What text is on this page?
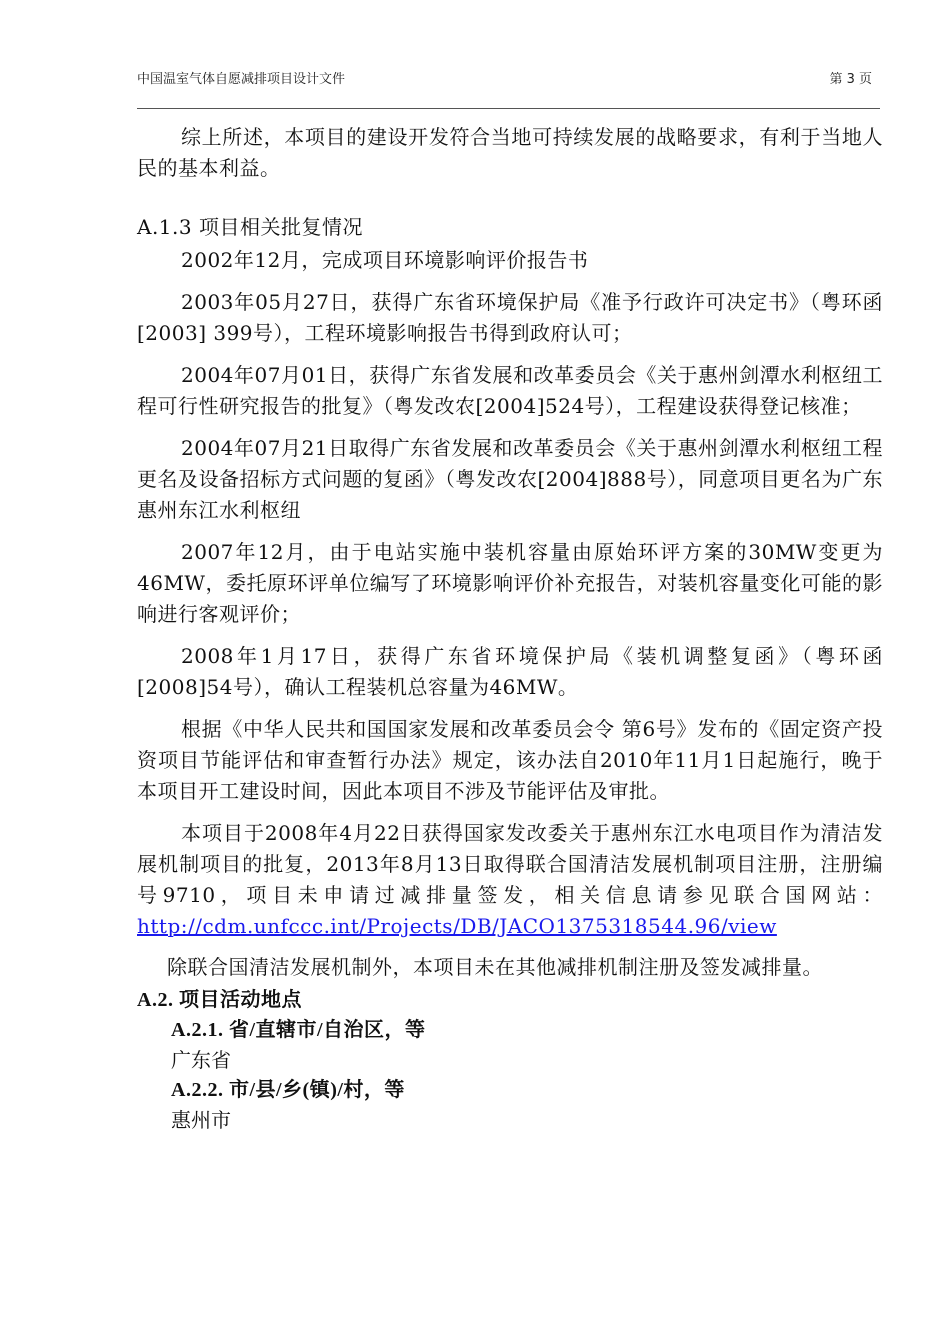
中国温室气体自愿减排项目设计文件	第 3 页

综上所述，本项目的建设开发符合当地可持续发展的战略要求，有利于当地人民的基本利益。

A.1.3 项目相关批复情况

2002年12月，完成项目环境影响评价报告书

2003年05月27日，获得广东省环境保护局《准予行政许可决定书》（粤环函[2003] 399号），工程环境影响报告书得到政府认可；

2004年07月01日，获得广东省发展和改革委员会《关于惠州剑潭水利枢纽工程可行性研究报告的批复》（粤发改农[2004]524号），工程建设获得登记核准；

2004年07月21日取得广东省发展和改革委员会《关于惠州剑潭水利枢纽工程更名及设备招标方式问题的复函》（粤发改农[2004]888号），同意项目更名为广东惠州东江水利枢纽

2007年12月，由于电站实施中装机容量由原始环评方案的30MW变更为46MW，委托原环评单位编写了环境影响评价补充报告，对装机容量变化可能的影响进行客观评价；

2008年1月17日，获得广东省环境保护局《装机调整复函》（粤环函[2008]54号），确认工程装机总容量为46MW。

根据《中华人民共和国国家发展和改革委员会令 第6号》发布的《固定资产投资项目节能评估和审查暂行办法》规定，该办法自2010年11月1日起施行，晚于本项目开工建设时间，因此本项目不涉及节能评估及审批。

本项目于2008年4月22日获得国家发改委关于惠州东江水电项目作为清洁发展机制项目的批复，2013年8月13日取得联合国清洁发展机制项目注册，注册编号9710，项目未申请过减排量签发，相关信息请参见联合国网站：http://cdm.unfccc.int/Projects/DB/JACO1375318544.96/view

除联合国清洁发展机制外，本项目未在其他减排机制注册及签发减排量。

A.2. 项目活动地点

A.2.1. 省/直辖市/自治区，等

广东省

A.2.2. 市/县/乡(镇)/村，等

惠州市
